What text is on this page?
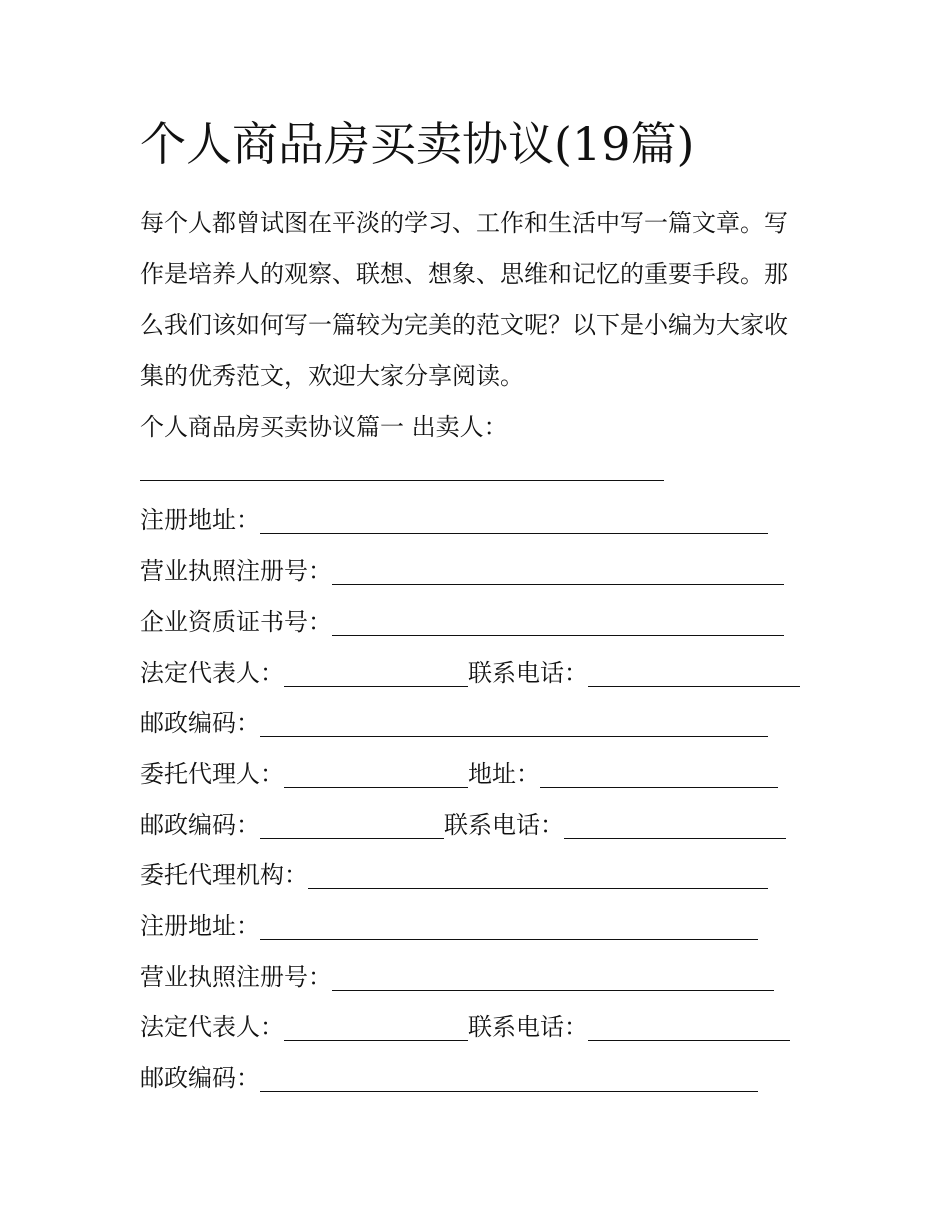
个人商品房买卖协议(19篇)
每个人都曾试图在平淡的学习、工作和生活中写一篇文章。写
作是培养人的观察、联想、想象、思维和记忆的重要手段。那
么我们该如何写一篇较为完美的范文呢？以下是小编为大家收
集的优秀范文，欢迎大家分享阅读。
个人商品房买卖协议篇一 出卖人：
注册地址：
营业执照注册号：
企业资质证书号：
法定代表人：	联系电话：
邮政编码：
委托代理人：	地址：
邮政编码：	联系电话：
委托代理机构：
注册地址：
营业执照注册号：
法定代表人：	联系电话：
邮政编码：
